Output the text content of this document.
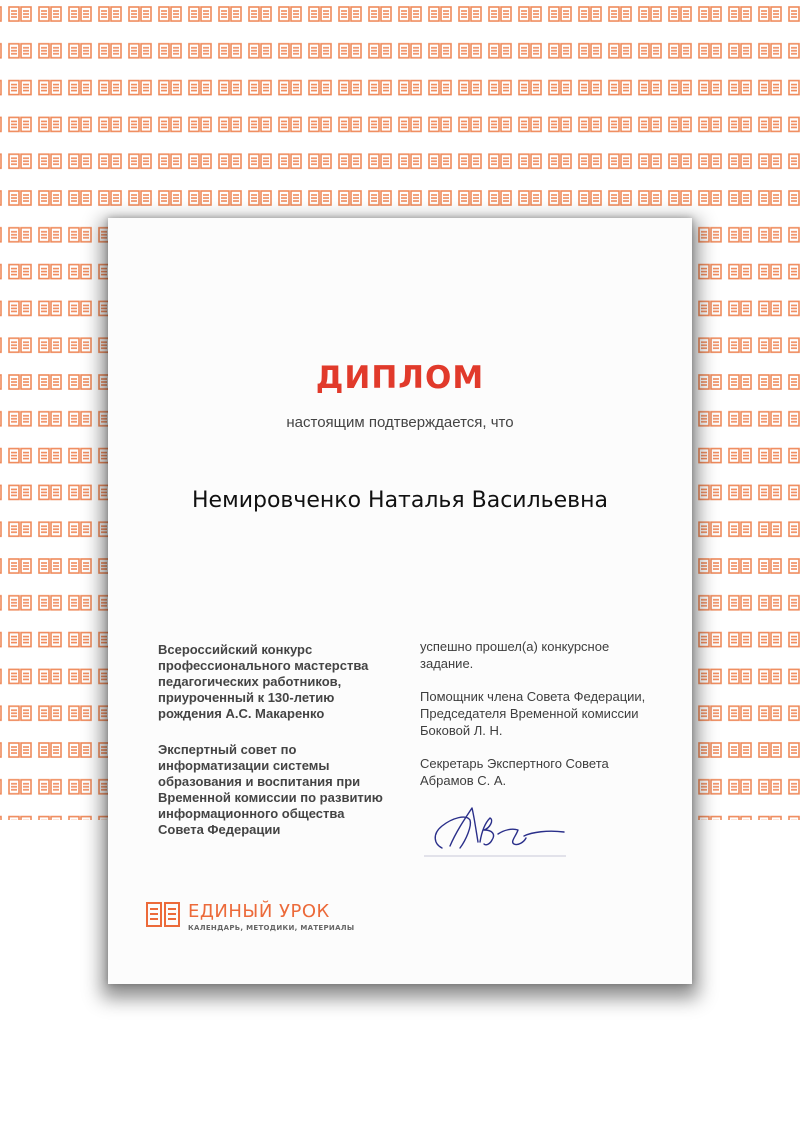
ДИПЛОМ
настоящим подтверждается, что
Немировченко Наталья Васильевна

Всероссийский конкурс
профессионального мастерства
педагогических работников,
приуроченный к 130-летию
рождения А.С. Макаренко

Экспертный совет по
информатизации системы
образования и воспитания при
Временной комиссии по развитию
информационного общества
Совета Федерации

успешно прошел(а) конкурсное
задание.

Помощник члена Совета Федерации,
Председателя Временной комиссии
Боковой Л. Н.

Секретарь Экспертного Совета
Абрамов С. А.

ЕДИНЫЙ УРОК
КАЛЕНДАРЬ, МЕТОДИКИ, МАТЕРИАЛЫ
